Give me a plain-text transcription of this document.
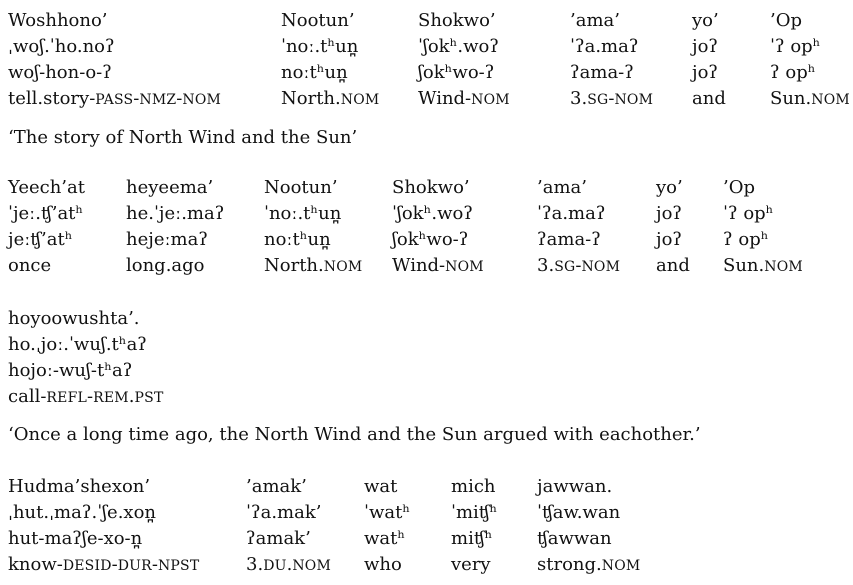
Woshhono’	Nootun’	Shokwo’	’ama’	yo’	’Op
ˌwoʃ.ˈho.noʔ	ˈnoː.tʰun̪	ˈʃokʰ.woʔ	ˈʔa.maʔ	joʔ	ˈʔ opʰ
woʃ-hon-o-ʔ	noːtʰun̪	ʃokʰwo-ʔ	ʔama-ʔ	joʔ	ʔ opʰ
tell.story-PASS-NMZ-NOM	North.NOM	Wind-NOM	3.SG-NOM	and	Sun.NOM

‘The story of North Wind and the Sun’

Yeech’at	heyeema’	Nootun’	Shokwo’	’ama’	yo’	’Op
ˈjeː.ʧ’atʰ	he.ˈjeː.maʔ	ˈnoː.tʰun̪	ˈʃokʰ.woʔ	ˈʔa.maʔ	joʔ	ˈʔ opʰ
jeːʧ’atʰ	hejeːmaʔ	noːtʰun̪	ʃokʰwo-ʔ	ʔama-ʔ	joʔ	ʔ opʰ
once	long.ago	North.NOM	Wind-NOM	3.SG-NOM	and	Sun.NOM
hoyoowushta’.
ho.ˌjoː.ˈwuʃ.tʰaʔ
hojoː-wuʃ-tʰaʔ
call-REFL-REM.PST

‘Once a long time ago, the North Wind and the Sun argued with eachother.’

Hudma’shexon’	’amak’	wat	mich	jawwan.
ˌhut.ˌmaʔ.ˈʃe.xon̪	ˈʔa.mak’	ˈwatʰ	ˈmiʧʰ	ˈʧaw.wan
hut-maʔʃe-xo-n̪	ʔamak’	watʰ	miʧʰ	ʧawwan
know-DESID-DUR-NPST	3.DU.NOM	who	very	strong.NOM
